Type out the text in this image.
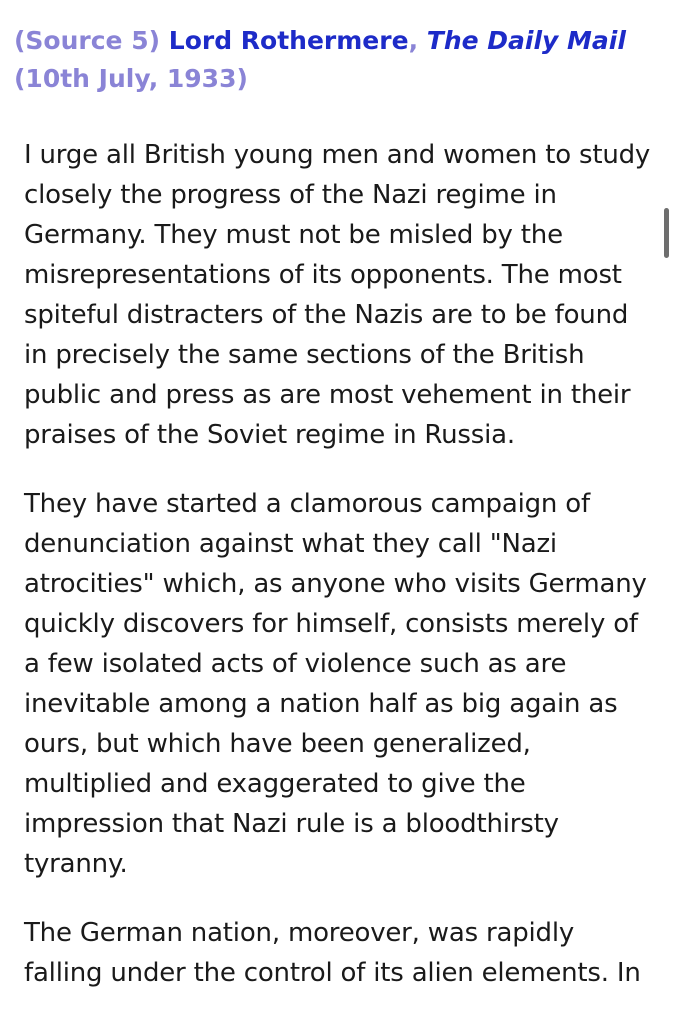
(Source 5) Lord Rothermere, The Daily Mail (10th July, 1933)

I urge all British young men and women to study closely the progress of the Nazi regime in Germany. They must not be misled by the misrepresentations of its opponents. The most spiteful distracters of the Nazis are to be found in precisely the same sections of the British public and press as are most vehement in their praises of the Soviet regime in Russia.

They have started a clamorous campaign of denunciation against what they call "Nazi atrocities" which, as anyone who visits Germany quickly discovers for himself, consists merely of a few isolated acts of violence such as are inevitable among a nation half as big again as ours, but which have been generalized, multiplied and exaggerated to give the impression that Nazi rule is a bloodthirsty tyranny.

The German nation, moreover, was rapidly falling under the control of its alien elements. In
